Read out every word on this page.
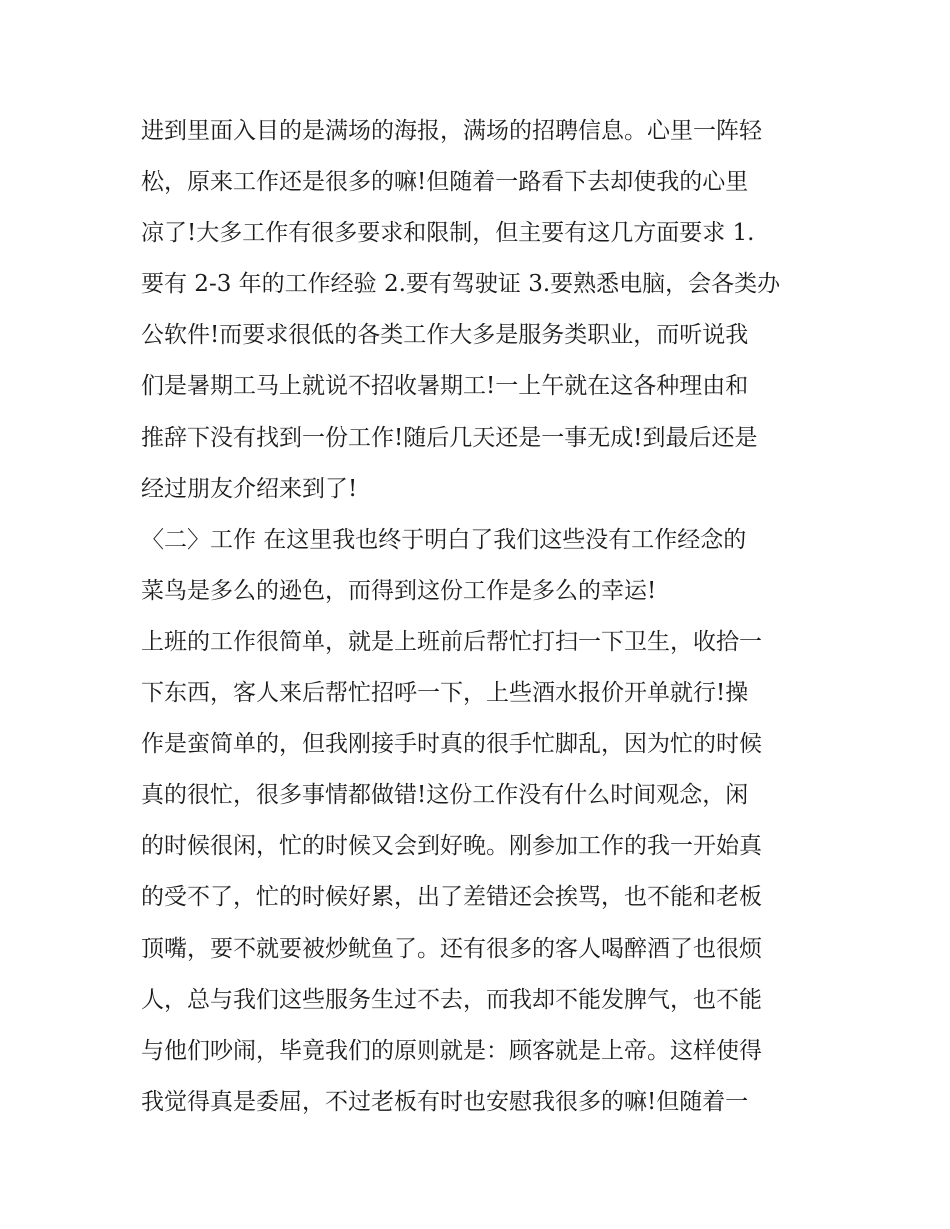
进到里面入目的是满场的海报，满场的招聘信息。心里一阵轻
松，原来工作还是很多的嘛!但随着一路看下去却使我的心里
凉了!大多工作有很多要求和限制，但主要有这几方面要求 1.
要有 2-3 年的工作经验 2.要有驾驶证 3.要熟悉电脑，会各类办
公软件!而要求很低的各类工作大多是服务类职业，而听说我
们是暑期工马上就说不招收暑期工!一上午就在这各种理由和
推辞下没有找到一份工作!随后几天还是一事无成!到最后还是
经过朋友介绍来到了!
〈二〉工作 在这里我也终于明白了我们这些没有工作经念的
菜鸟是多么的逊色，而得到这份工作是多么的幸运!
上班的工作很简单，就是上班前后帮忙打扫一下卫生，收拾一
下东西，客人来后帮忙招呼一下，上些酒水报价开单就行!操
作是蛮简单的，但我刚接手时真的很手忙脚乱，因为忙的时候
真的很忙，很多事情都做错!这份工作没有什么时间观念，闲
的时候很闲，忙的时候又会到好晚。刚参加工作的我一开始真
的受不了，忙的时候好累，出了差错还会挨骂，也不能和老板
顶嘴，要不就要被炒鱿鱼了。还有很多的客人喝醉酒了也很烦
人，总与我们这些服务生过不去，而我却不能发脾气，也不能
与他们吵闹，毕竟我们的原则就是：顾客就是上帝。这样使得
我觉得真是委屈，不过老板有时也安慰我很多的嘛!但随着一
